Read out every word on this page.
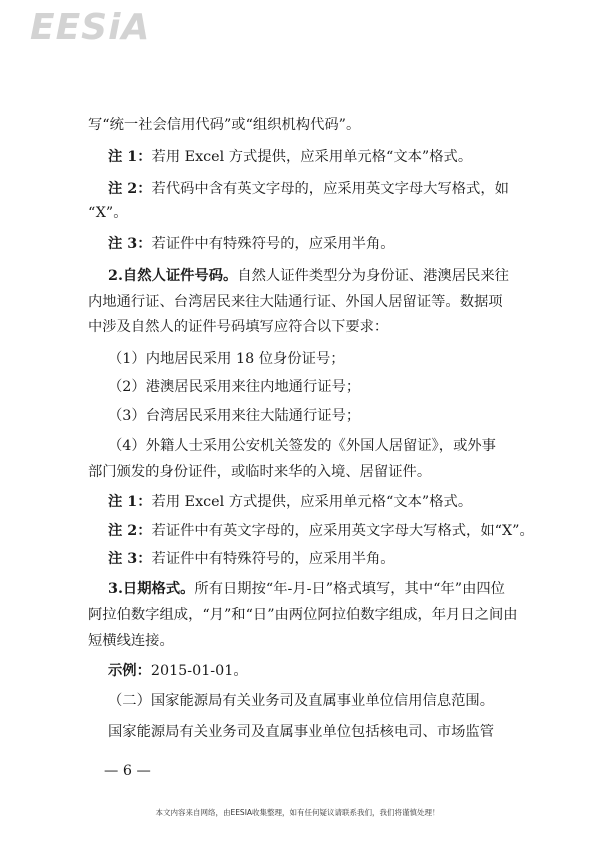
EESiA
写“统一社会信用代码”或“组织机构代码”。
注 1：若用 Excel 方式提供，应采用单元格“文本”格式。
注 2：若代码中含有英文字母的，应采用英文字母大写格式，如
“X”。
注 3：若证件中有特殊符号的，应采用半角。
2.自然人证件号码。自然人证件类型分为身份证、港澳居民来往
内地通行证、台湾居民来往大陆通行证、外国人居留证等。数据项
中涉及自然人的证件号码填写应符合以下要求：
（1）内地居民采用 18 位身份证号；
（2）港澳居民采用来往内地通行证号；
（3）台湾居民采用来往大陆通行证号；
（4）外籍人士采用公安机关签发的《外国人居留证》，或外事
部门颁发的身份证件，或临时来华的入境、居留证件。
注 1：若用 Excel 方式提供，应采用单元格“文本”格式。
注 2：若证件中有英文字母的，应采用英文字母大写格式，如“X”。
注 3：若证件中有特殊符号的，应采用半角。
3.日期格式。所有日期按“年-月-日”格式填写，其中“年”由四位
阿拉伯数字组成，“月”和“日”由两位阿拉伯数字组成，年月日之间由
短横线连接。
示例：2015-01-01。
（二）国家能源局有关业务司及直属事业单位信用信息范围。
国家能源局有关业务司及直属事业单位包括核电司、市场监管
— 6 —
本文内容来自网络，由EESIA收集整理，如有任何疑议请联系我们，我们将谨慎处理！
